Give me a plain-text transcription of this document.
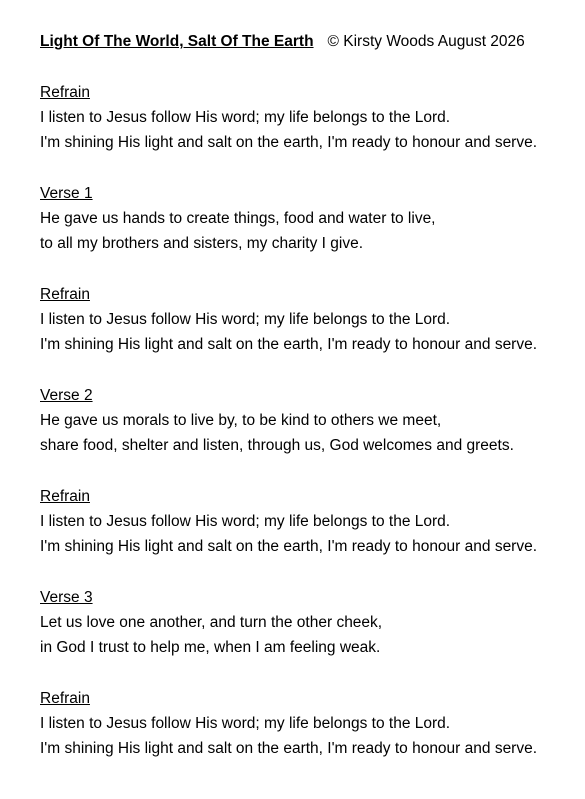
Light Of The World, Salt Of The Earth © Kirsty Woods August 2026
Refrain
I listen to Jesus follow His word; my life belongs to the Lord.
I'm shining His light and salt on the earth, I'm ready to honour and serve.
Verse 1
He gave us hands to create things, food and water to live,
to all my brothers and sisters, my charity I give.
Refrain
I listen to Jesus follow His word; my life belongs to the Lord.
I'm shining His light and salt on the earth, I'm ready to honour and serve.
Verse 2
He gave us morals to live by, to be kind to others we meet,
share food, shelter and listen, through us, God welcomes and greets.
Refrain
I listen to Jesus follow His word; my life belongs to the Lord.
I'm shining His light and salt on the earth, I'm ready to honour and serve.
Verse 3
Let us love one another, and turn the other cheek,
in God I trust to help me, when I am feeling weak.
Refrain
I listen to Jesus follow His word; my life belongs to the Lord.
I'm shining His light and salt on the earth, I'm ready to honour and serve.
